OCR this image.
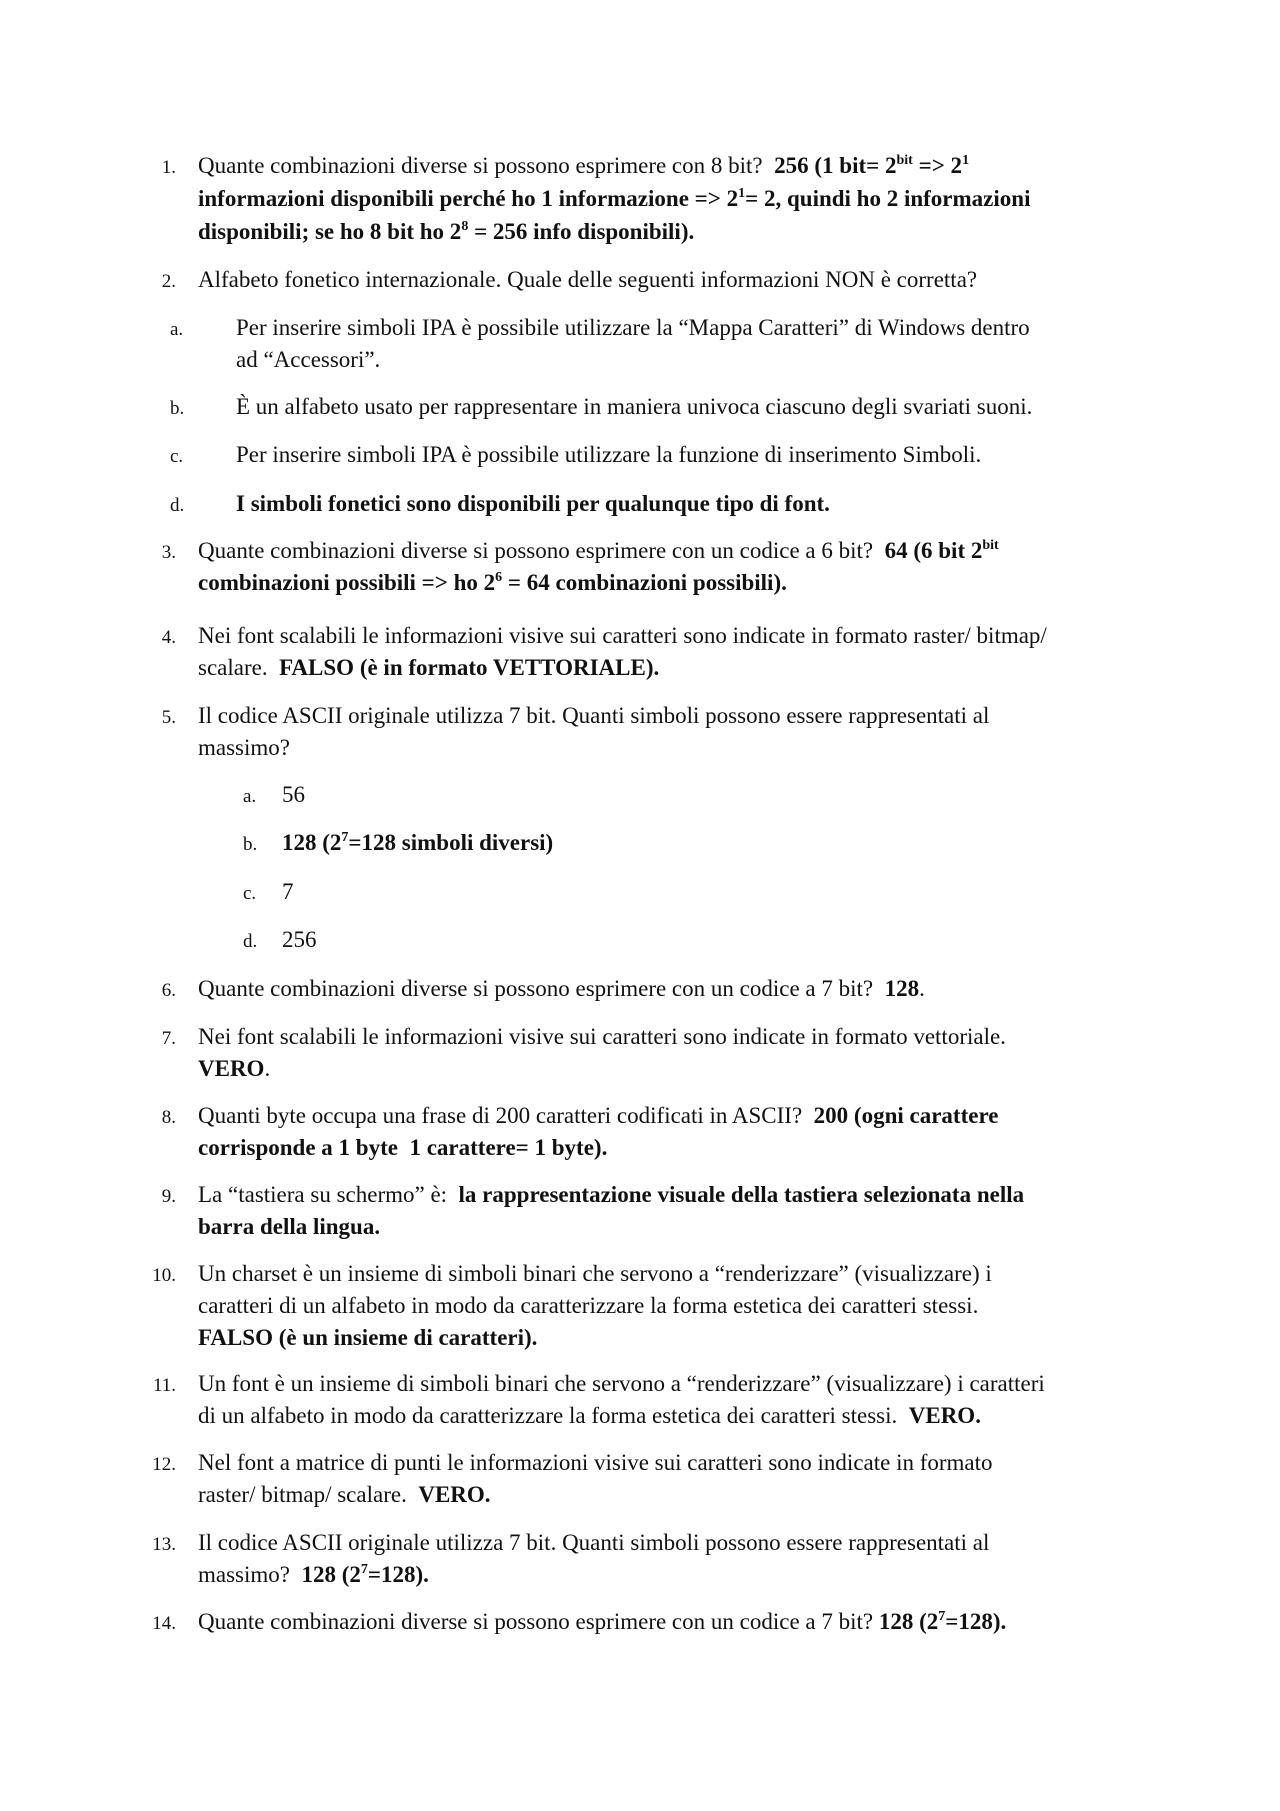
1. Quante combinazioni diverse si possono esprimere con 8 bit? 256 (1 $bit= 2^{bit} => 2^1$
informazioni disponibili perché ho 1 informazione => $2^1= 2$, quindi ho 2 informazioni
disponibili; se ho 8 bit ho $2^8 = 256$ info disponibili).
2. Alfabeto fonetico internazionale. Quale delle seguenti informazioni NON è corretta?
a.	Per inserire simboli IPA è possibile utilizzare la “Mappa Caratteri” di Windows dentro
ad “Accessori”.
b.	È un alfabeto usato per rappresentare in maniera univoca ciascuno degli svariati suoni.
c.	Per inserire simboli IPA è possibile utilizzare la funzione di inserimento Simboli.
d.	I simboli fonetici sono disponibili per qualunque tipo di font.
3. Quante combinazioni diverse si possono esprimere con un codice a 6 bit? 64 (6 bit $2^{bit}$
combinazioni possibili => ho $2^6 = 64$ combinazioni possibili).
4. Nei font scalabili le informazioni visive sui caratteri sono indicate in formato raster/ bitmap/
scalare. FALSO (è in formato VETTORIALE).
5. Il codice ASCII originale utilizza 7 bit. Quanti simboli possono essere rappresentati al
massimo?
a.	56
b.	128 ($2^7=128$ simboli diversi)
c.	7
d.	256
6. Quante combinazioni diverse si possono esprimere con un codice a 7 bit? 128.
7. Nei font scalabili le informazioni visive sui caratteri sono indicate in formato vettoriale.
VERO.
8. Quanti byte occupa una frase di 200 caratteri codificati in ASCII? 200 (ogni carattere
corrisponde a 1 byte  1 carattere= 1 byte).
9. La “tastiera su schermo” è: la rappresentazione visuale della tastiera selezionata nella
barra della lingua.
10. Un charset è un insieme di simboli binari che servono a “renderizzare” (visualizzare) i
caratteri di un alfabeto in modo da caratterizzare la forma estetica dei caratteri stessi.
FALSO (è un insieme di caratteri).
11. Un font è un insieme di simboli binari che servono a “renderizzare” (visualizzare) i caratteri
di un alfabeto in modo da caratterizzare la forma estetica dei caratteri stessi. VERO.
12. Nel font a matrice di punti le informazioni visive sui caratteri sono indicate in formato
raster/ bitmap/ scalare. VERO.
13. Il codice ASCII originale utilizza 7 bit. Quanti simboli possono essere rappresentati al
massimo? 128 $(2^7=128)$.
14. Quante combinazioni diverse si possono esprimere con un codice a 7 bit? 128 $(2^7=128)$.
